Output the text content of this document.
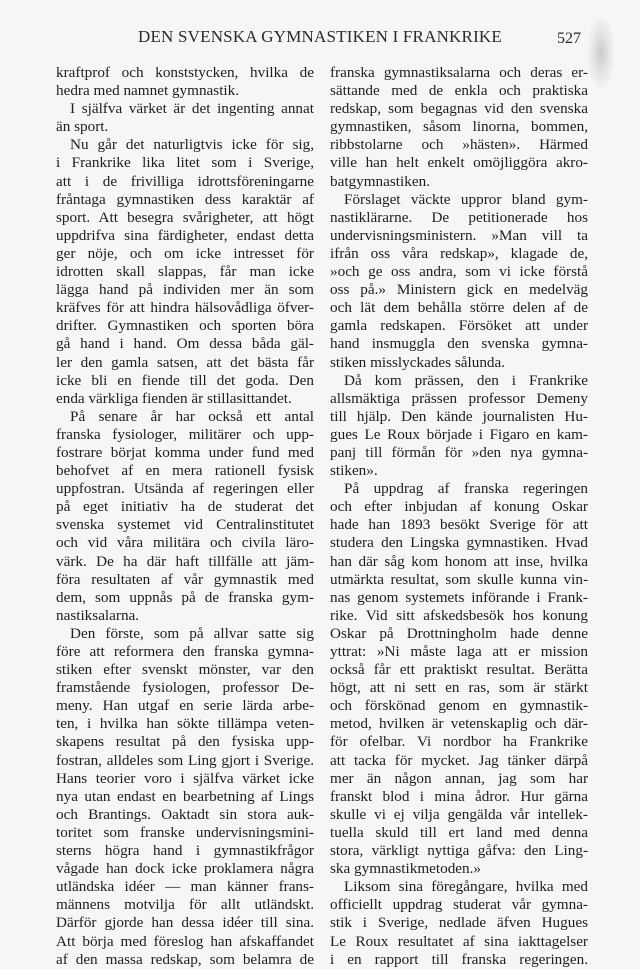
DEN SVENSKA GYMNASTIKEN I FRANKRIKE	527
kraftprof och konststycken, hvilka de
hedra med namnet gymnastik.
I själfva värket är det ingenting annat
än sport.
Nu går det naturligtvis icke för sig,
i Frankrike lika litet som i Sverige,
att i de frivilliga idrottsföreningarne
fråntaga gymnastiken dess karaktär af
sport. Att besegra svårigheter, att högt
uppdrifva sina färdigheter, endast detta
ger nöje, och om icke intresset för
idrotten skall slappas, får man icke
lägga hand på individen mer än som
kräfves för att hindra hälsovådliga öfver-
drifter. Gymnastiken och sporten böra
gå hand i hand. Om dessa båda gäl-
ler den gamla satsen, att det bästa får
icke bli en fiende till det goda. Den
enda värkliga fienden är stillasittandet.
På senare år har också ett antal
franska fysiologer, militärer och upp-
fostrare börjat komma under fund med
behofvet af en mera rationell fysisk
uppfostran. Utsända af regeringen eller
på eget initiativ ha de studerat det
svenska systemet vid Centralinstitutet
och vid våra militära och civila läro-
värk. De ha där haft tillfälle att jäm-
föra resultaten af vår gymnastik med
dem, som uppnås på de franska gym-
nastiksalarna.
Den förste, som på allvar satte sig
före att reformera den franska gymna-
stiken efter svenskt mönster, var den
framstående fysiologen, professor De-
meny. Han utgaf en serie lärda arbe-
ten, i hvilka han sökte tillämpa veten-
skapens resultat på den fysiska upp-
fostran, alldeles som Ling gjort i Sverige.
Hans teorier voro i själfva värket icke
nya utan endast en bearbetning af Lings
och Brantings. Oaktadt sin stora auk-
toritet som franske undervisningsmini-
sterns högra hand i gymnastikfrågor
vågade han dock icke proklamera några
utländska idéer — man känner frans-
männens motvilja för allt utländskt.
Därför gjorde han dessa idéer till sina.
Att börja med föreslog han afskaffandet
af den massa redskap, som belamra de
franska gymnastiksalarna och deras er-
sättande med de enkla och praktiska
redskap, som begagnas vid den svenska
gymnastiken, såsom linorna, bommen,
ribbstolarne och »hästen». Härmed
ville han helt enkelt omöjliggöra akro-
batgymnastiken.
Förslaget väckte uppror bland gym-
nastiklärarne. De petitionerade hos
undervisningsministern. »Man vill ta
ifrån oss våra redskap», klagade de,
»och ge oss andra, som vi icke förstå
oss på.» Ministern gick en medelväg
och lät dem behålla större delen af de
gamla redskapen. Försöket att under
hand insmuggla den svenska gymna-
stiken misslyckades sålunda.
Då kom prässen, den i Frankrike
allsmäktiga prässen professor Demeny
till hjälp. Den kände journalisten Hu-
gues Le Roux började i Figaro en kam-
panj till förmån för »den nya gymna-
stiken».
På uppdrag af franska regeringen
och efter inbjudan af konung Oskar
hade han 1893 besökt Sverige för att
studera den Lingska gymnastiken. Hvad
han där såg kom honom att inse, hvilka
utmärkta resultat, som skulle kunna vin-
nas genom systemets införande i Frank-
rike. Vid sitt afskedsbesök hos konung
Oskar på Drottningholm hade denne
yttrat: »Ni måste laga att er mission
också får ett praktiskt resultat. Berätta
högt, att ni sett en ras, som är stärkt
och förskönad genom en gymnastik-
metod, hvilken är vetenskaplig och där-
för ofelbar. Vi nordbor ha Frankrike
att tacka för mycket. Jag tänker därpå
mer än någon annan, jag som har
franskt blod i mina ådror. Hur gärna
skulle vi ej vilja gengälda vår intellek-
tuella skuld till ert land med denna
stora, värkligt nyttiga gåfva: den Ling-
ska gymnastikmetoden.»
Liksom sina föregångare, hvilka med
officiellt uppdrag studerat vår gymna-
stik i Sverige, nedlade äfven Hugues
Le Roux resultatet af sina iakttagelser
i en rapport till franska regeringen.
